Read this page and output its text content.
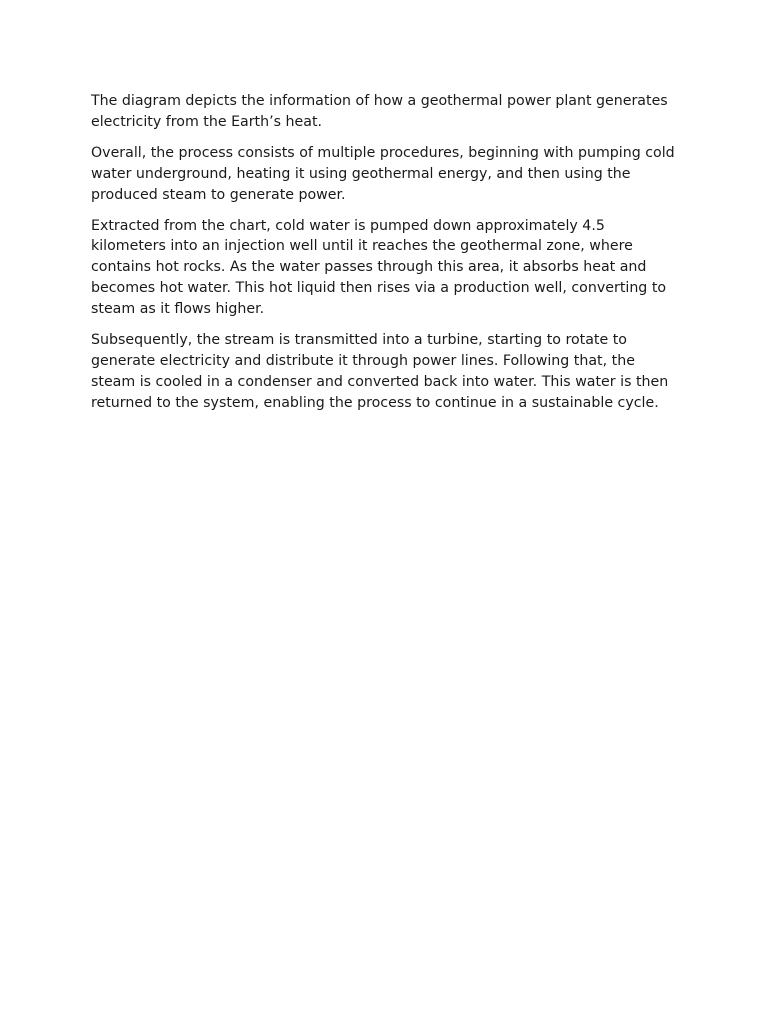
The diagram depicts the information of how a geothermal power plant generates electricity from the Earth’s heat.

Overall, the process consists of multiple procedures, beginning with pumping cold water underground, heating it using geothermal energy, and then using the produced steam to generate power.

Extracted from the chart, cold water is pumped down approximately 4.5 kilometers into an injection well until it reaches the geothermal zone, where contains hot rocks. As the water passes through this area, it absorbs heat and becomes hot water. This hot liquid then rises via a production well, converting to steam as it flows higher.

Subsequently, the stream is transmitted into a turbine, starting to rotate to generate electricity and distribute it through power lines. Following that, the steam is cooled in a condenser and converted back into water. This water is then returned to the system, enabling the process to continue in a sustainable cycle.
